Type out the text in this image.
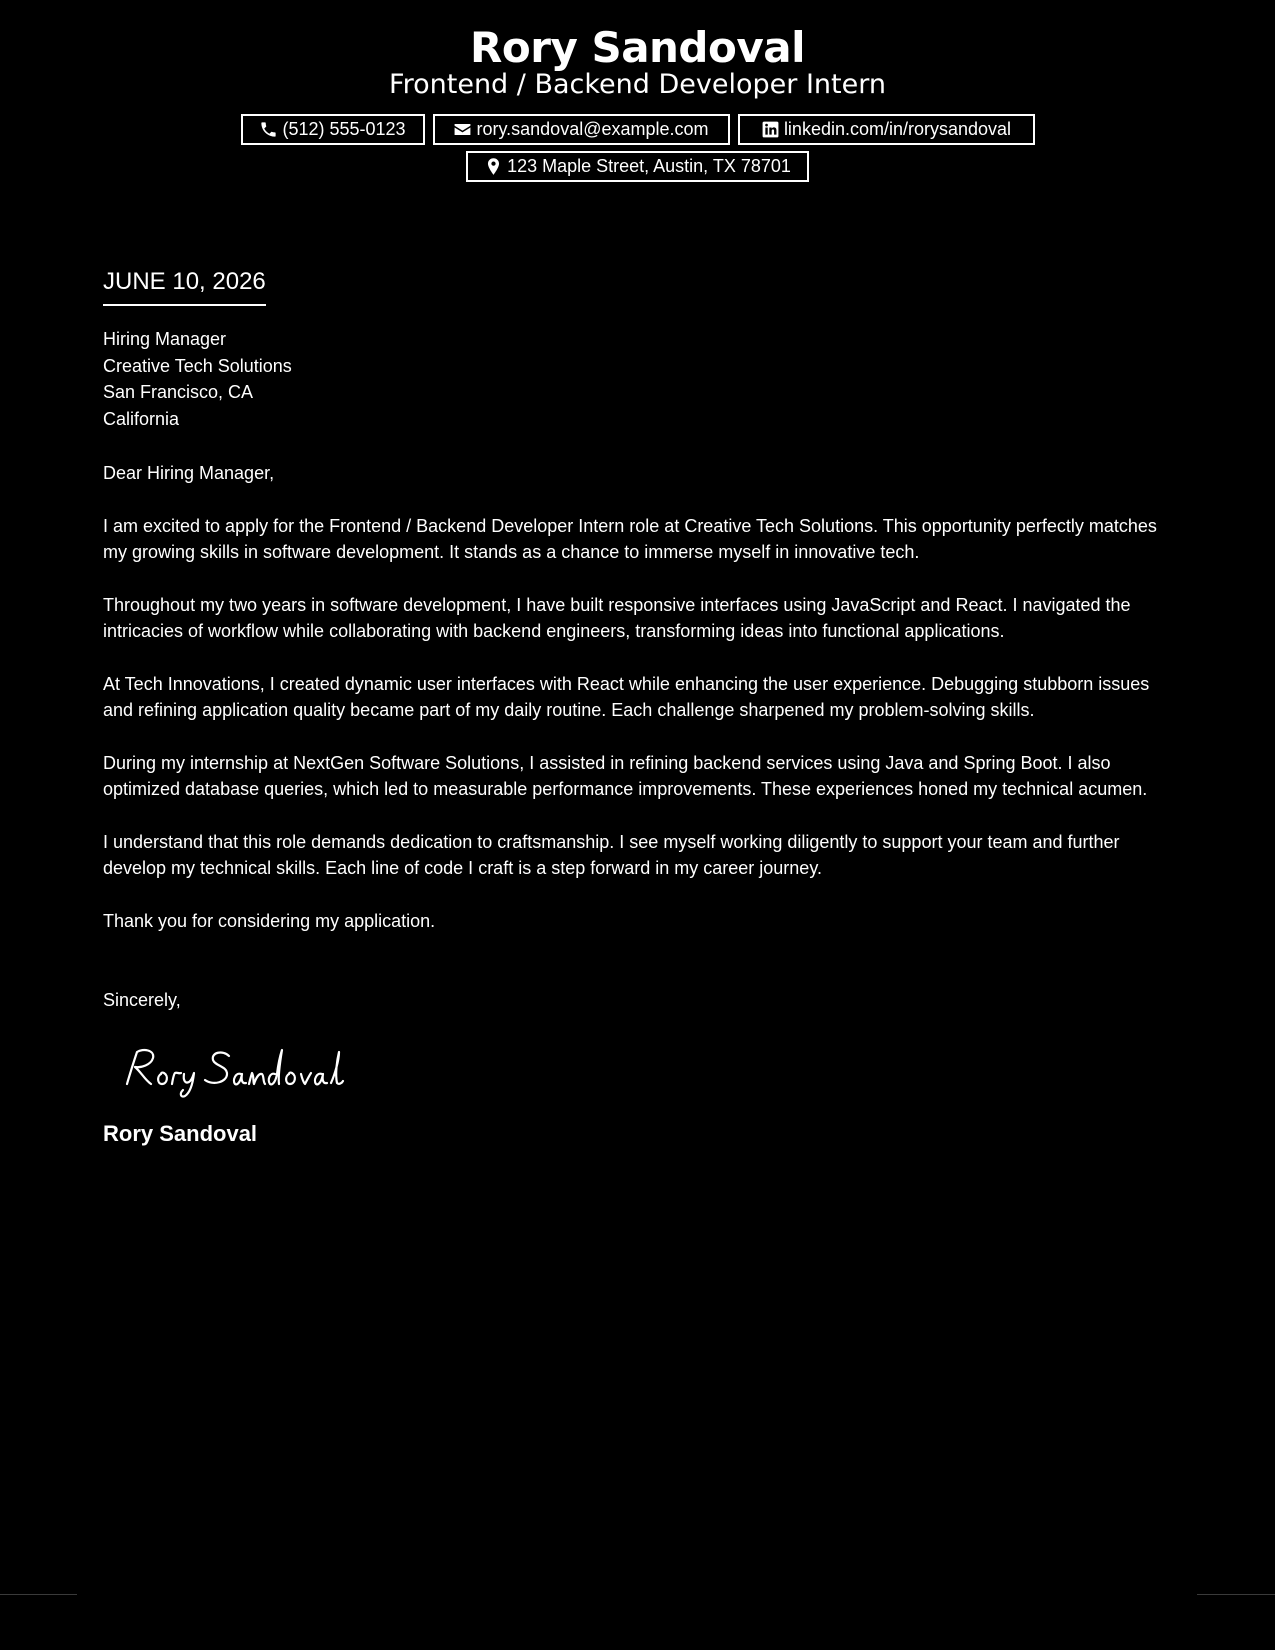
Rory Sandoval
Frontend / Backend Developer Intern
(512) 555-0123	rory.sandoval@example.com	linkedin.com/in/rorysandoval
123 Maple Street, Austin, TX 78701
JUNE 10, 2026
Hiring Manager
Creative Tech Solutions
San Francisco, CA
California
Dear Hiring Manager,
I am excited to apply for the Frontend / Backend Developer Intern role at Creative Tech Solutions. This opportunity perfectly matches my growing skills in software development. It stands as a chance to immerse myself in innovative tech.
Throughout my two years in software development, I have built responsive interfaces using JavaScript and React. I navigated the intricacies of workflow while collaborating with backend engineers, transforming ideas into functional applications.
At Tech Innovations, I created dynamic user interfaces with React while enhancing the user experience. Debugging stubborn issues and refining application quality became part of my daily routine. Each challenge sharpened my problem-solving skills.
During my internship at NextGen Software Solutions, I assisted in refining backend services using Java and Spring Boot. I also optimized database queries, which led to measurable performance improvements. These experiences honed my technical acumen.
I understand that this role demands dedication to craftsmanship. I see myself working diligently to support your team and further develop my technical skills. Each line of code I craft is a step forward in my career journey.
Thank you for considering my application.
Sincerely,
Rory Sandoval
